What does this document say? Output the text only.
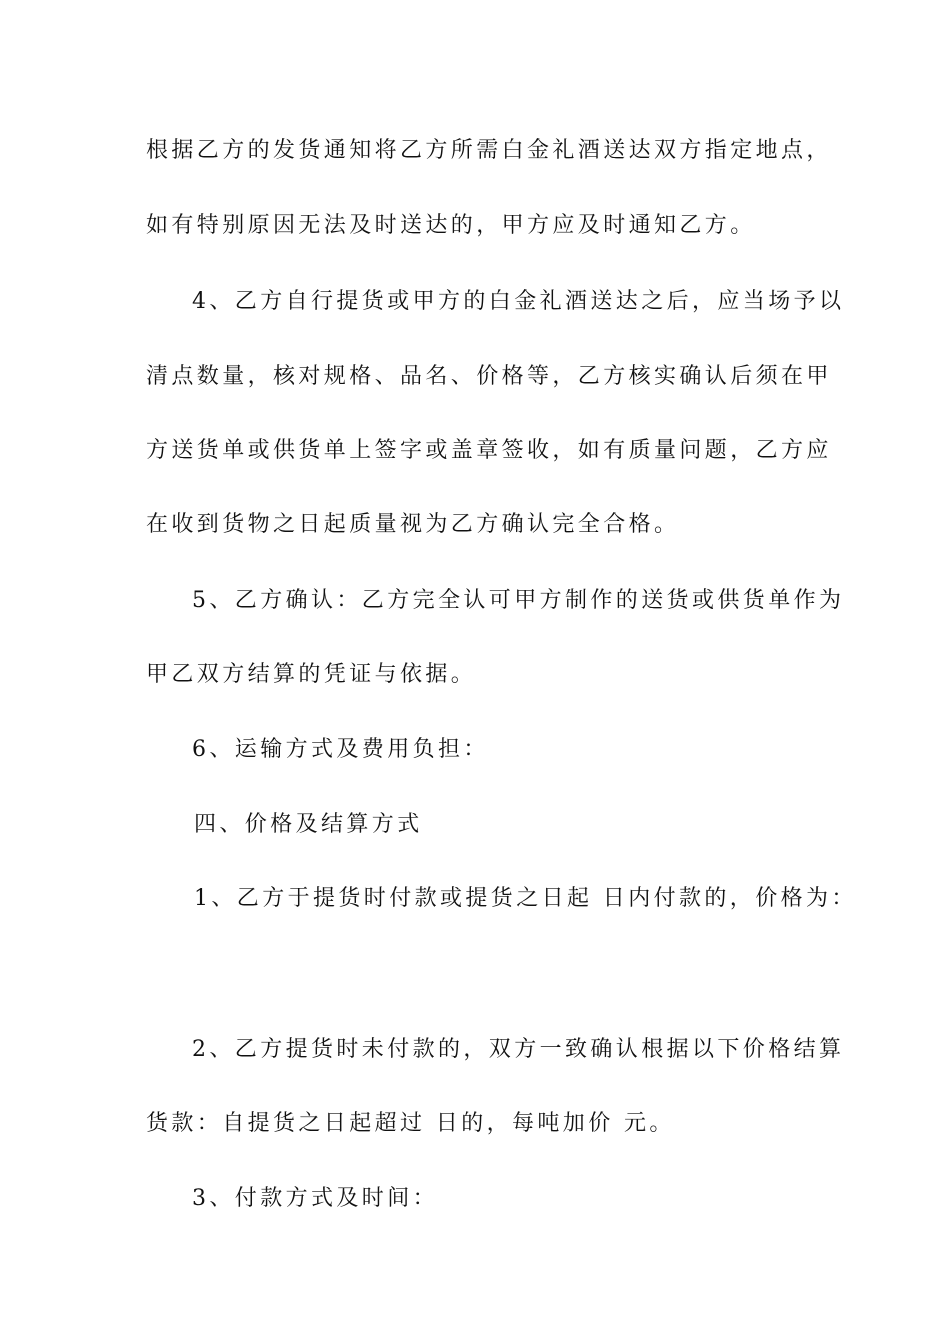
根据乙方的发货通知将乙方所需白金礼酒送达双方指定地点，
如有特别原因无法及时送达的，甲方应及时通知乙方。
4、乙方自行提货或甲方的白金礼酒送达之后，应当场予以
清点数量，核对规格、品名、价格等，乙方核实确认后须在甲
方送货单或供货单上签字或盖章签收，如有质量问题，乙方应
在收到货物之日起质量视为乙方确认完全合格。
5、乙方确认：乙方完全认可甲方制作的送货或供货单作为
甲乙双方结算的凭证与依据。
6、运输方式及费用负担：
四、价格及结算方式
1、乙方于提货时付款或提货之日起 日内付款的，价格为：
2、乙方提货时未付款的，双方一致确认根据以下价格结算
货款：自提货之日起超过 日的，每吨加价 元。
3、付款方式及时间：
